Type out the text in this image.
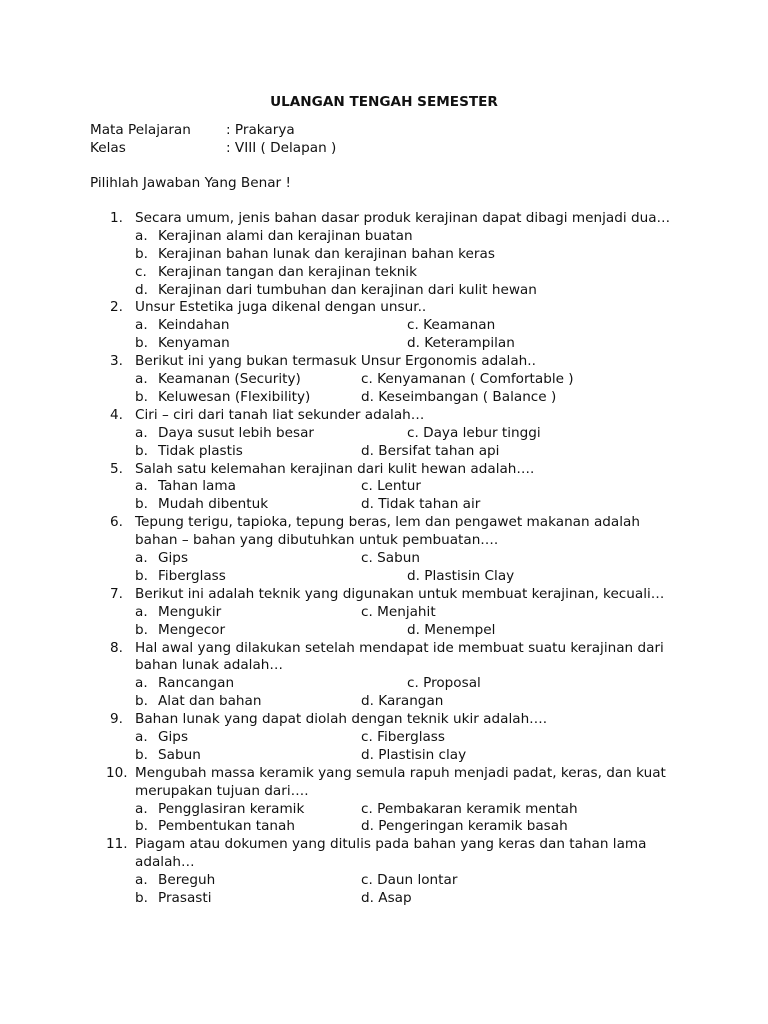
ULANGAN TENGAH SEMESTER
Mata Pelajaran	: Prakarya
Kelas	: VIII ( Delapan )
Pilihlah Jawaban Yang Benar !
1. Secara umum, jenis bahan dasar produk kerajinan dapat dibagi menjadi dua…
a. Kerajinan alami dan kerajinan buatan
b. Kerajinan bahan lunak dan kerajinan bahan keras
c. Kerajinan tangan dan kerajinan teknik
d. Kerajinan dari tumbuhan dan kerajinan dari kulit hewan
2. Unsur Estetika juga dikenal dengan unsur..
a. Keindahan	c. Keamanan
b. Kenyaman	d. Keterampilan
3. Berikut ini yang bukan termasuk Unsur Ergonomis adalah..
a. Keamanan (Security)	c. Kenyamanan ( Comfortable )
b. Keluwesan (Flexibility)	d. Keseimbangan ( Balance )
4. Ciri – ciri dari tanah liat sekunder adalah…
a. Daya susut lebih besar	c. Daya lebur tinggi
b. Tidak plastis	d. Bersifat tahan api
5. Salah satu kelemahan kerajinan dari kulit hewan adalah….
a. Tahan lama	c. Lentur
b. Mudah dibentuk	d. Tidak tahan air
6. Tepung terigu, tapioka, tepung beras, lem dan pengawet makanan adalah bahan – bahan yang dibutuhkan untuk pembuatan….
a. Gips	c. Sabun
b. Fiberglass	d. Plastisin Clay
7. Berikut ini adalah teknik yang digunakan untuk membuat kerajinan, kecuali…
a. Mengukir	c. Menjahit
b. Mengecor	d. Menempel
8. Hal awal yang dilakukan setelah mendapat ide membuat suatu kerajinan dari bahan lunak adalah…
a. Rancangan	c. Proposal
b. Alat dan bahan	d. Karangan
9. Bahan lunak yang dapat diolah dengan teknik ukir adalah….
a. Gips	c. Fiberglass
b. Sabun	d. Plastisin clay
10. Mengubah massa keramik yang semula rapuh menjadi padat, keras, dan kuat merupakan tujuan dari….
a. Pengglasiran keramik	c. Pembakaran keramik mentah
b. Pembentukan tanah	d. Pengeringan keramik basah
11. Piagam atau dokumen yang ditulis pada bahan yang keras dan tahan lama adalah…
a. Bereguh	c. Daun lontar
b. Prasasti	d. Asap
